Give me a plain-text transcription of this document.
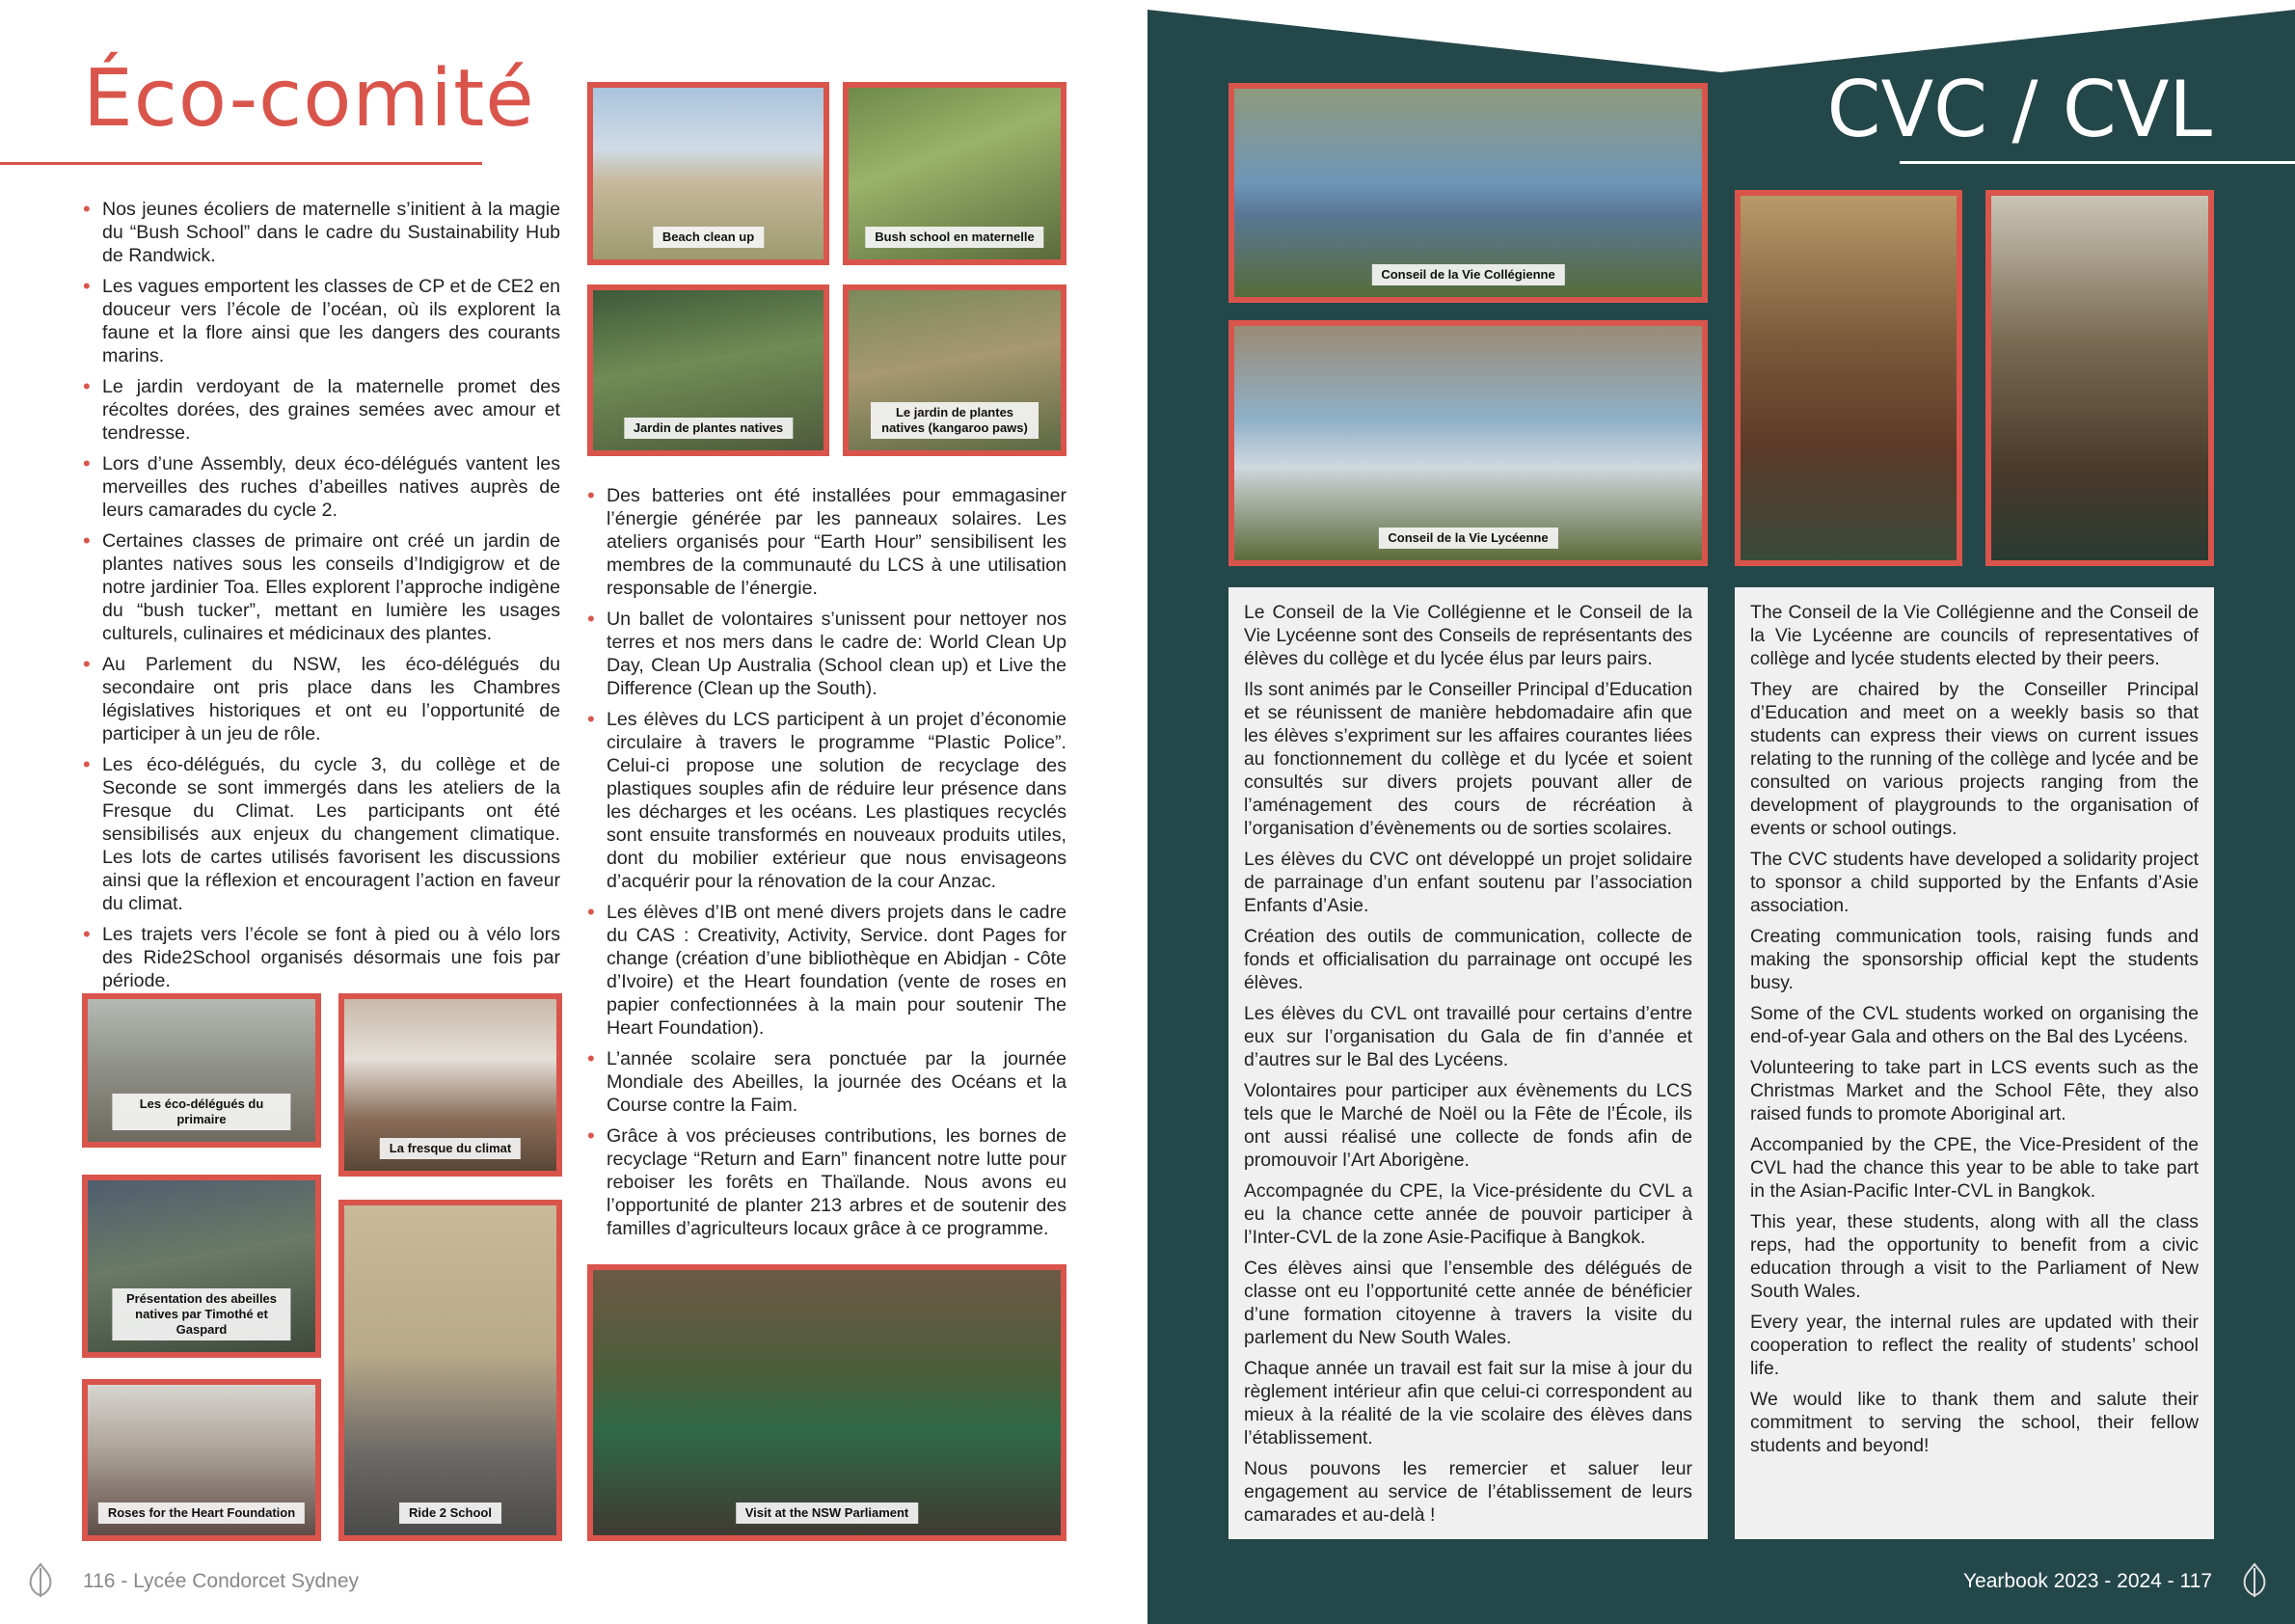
Éco-comité
• Nos jeunes écoliers de maternelle s’initient à la magie du “Bush School” dans le cadre du Sustainability Hub de Randwick.
• Les vagues emportent les classes de CP et de CE2 en douceur vers l’école de l’océan, où ils explorent la faune et la flore ainsi que les dangers des courants marins.
• Le jardin verdoyant de la maternelle promet des récoltes dorées, des graines semées avec amour et tendresse.
• Lors d’une Assembly, deux éco-délégués vantent les merveilles des ruches d’abeilles natives auprès de leurs camarades du cycle 2.
• Certaines classes de primaire ont créé un jardin de plantes natives sous les conseils d’Indigigrow et de notre jardinier Toa. Elles explorent l’approche indigène du “bush tucker”, mettant en lumière les usages culturels, culinaires et médicinaux des plantes.
• Au Parlement du NSW, les éco-délégués du secondaire ont pris place dans les Chambres législatives historiques et ont eu l’opportunité de participer à un jeu de rôle.
• Les éco-délégués, du cycle 3, du collège et de Seconde se sont immergés dans les ateliers de la Fresque du Climat. Les participants ont été sensibilisés aux enjeux du changement climatique. Les lots de cartes utilisés favorisent les discussions ainsi que la réflexion et encouragent l’action en faveur du climat.
• Les trajets vers l’école se font à pied ou à vélo lors des Ride2School organisés désormais une fois par période.
Beach clean up	Bush school en maternelle
Jardin de plantes natives
Le jardin de plantes natives (kangaroo paws)
• Des batteries ont été installées pour emmagasiner l’énergie générée par les panneaux solaires. Les ateliers organisés pour “Earth Hour” sensibilisent les membres de la communauté du LCS à une utilisation responsable de l’énergie.
• Un ballet de volontaires s’unissent pour nettoyer nos terres et nos mers dans le cadre de: World Clean Up Day, Clean Up Australia (School clean up) et Live the Difference (Clean up the South).
• Les élèves du LCS participent à un projet d’économie circulaire à travers le programme “Plastic Police”. Celui-ci propose une solution de recyclage des plastiques souples afin de réduire leur présence dans les décharges et les océans. Les plastiques recyclés sont ensuite transformés en nouveaux produits utiles, dont du mobilier extérieur que nous envisageons d’acquérir pour la rénovation de la cour Anzac.
• Les élèves d’IB ont mené divers projets dans le cadre du CAS : Creativity, Activity, Service. dont Pages for change (création d’une bibliothèque en Abidjan - Côte d’Ivoire) et the Heart foundation (vente de roses en papier confectionnées à la main pour soutenir The Heart Foundation).
• L’année scolaire sera ponctuée par la journée Mondiale des Abeilles, la journée des Océans et la Course contre la Faim.
• Grâce à vos précieuses contributions, les bornes de recyclage “Return and Earn” financent notre lutte pour reboiser les forêts en Thaïlande. Nous avons eu l’opportunité de planter 213 arbres et de soutenir des familles d’agriculteurs locaux grâce à ce programme.
Les éco-délégués du primaire
La fresque du climat
Présentation des abeilles natives par Timothé et Gaspard
Ride 2 School
Roses for the Heart Foundation	Visit at the NSW Parliament
116 - Lycée Condorcet Sydney
CVC / CVL
Conseil de la Vie Collégienne
Conseil de la Vie Lycéenne

Le Conseil de la Vie Collégienne et le Conseil de la Vie Lycéenne sont des Conseils de représentants des élèves du collège et du lycée élus par leurs pairs.

Ils sont animés par le Conseiller Principal d’Education et se réunissent de manière hebdomadaire afin que les élèves s’expriment sur les affaires courantes liées au fonctionnement du collège et du lycée et soient consultés sur divers projets pouvant aller de l’aménagement des cours de récréation à l’organisation d’évènements ou de sorties scolaires.

Les élèves du CVC ont développé un projet solidaire de parrainage d’un enfant soutenu par l’association Enfants d’Asie.

Création des outils de communication, collecte de fonds et officialisation du parrainage ont occupé les élèves.

Les élèves du CVL ont travaillé pour certains d’entre eux sur l’organisation du Gala de fin d’année et d’autres sur le Bal des Lycéens.

Volontaires pour participer aux évènements du LCS tels que le Marché de Noël ou la Fête de l’École, ils ont aussi réalisé une collecte de fonds afin de promouvoir l’Art Aborigène.

Accompagnée du CPE, la Vice-présidente du CVL a eu la chance cette année de pouvoir participer à l’Inter-CVL de la zone Asie-Pacifique à Bangkok.

Ces élèves ainsi que l’ensemble des délégués de classe ont eu l’opportunité cette année de bénéficier d’une formation citoyenne à travers la visite du parlement du New South Wales.

Chaque année un travail est fait sur la mise à jour du règlement intérieur afin que celui-ci correspondent au mieux à la réalité de la vie scolaire des élèves dans l’établissement.

Nous pouvons les remercier et saluer leur engagement au service de l’établissement de leurs camarades et au-delà !

The Conseil de la Vie Collégienne and the Conseil de la Vie Lycéenne are councils of representatives of collège and lycée students elected by their peers.

They are chaired by the Conseiller Principal d’Education and meet on a weekly basis so that students can express their views on current issues relating to the running of the collège and lycée and be consulted on various projects ranging from the development of playgrounds to the organisation of events or school outings.

The CVC students have developed a solidarity project to sponsor a child supported by the Enfants d’Asie association.

Creating communication tools, raising funds and making the sponsorship official kept the students busy.

Some of the CVL students worked on organising the end-of-year Gala and others on the Bal des Lycéens.

Volunteering to take part in LCS events such as the Christmas Market and the School Fête, they also raised funds to promote Aboriginal art.

Accompanied by the CPE, the Vice-President of the CVL had the chance this year to be able to take part in the Asian-Pacific Inter-CVL in Bangkok.

This year, these students, along with all the class reps, had the opportunity to benefit from a civic education through a visit to the Parliament of New South Wales.

Every year, the internal rules are updated with their cooperation to reflect the reality of students’ school life.

We would like to thank them and salute their commitment to serving the school, their fellow students and beyond!

Yearbook 2023 - 2024 - 117
